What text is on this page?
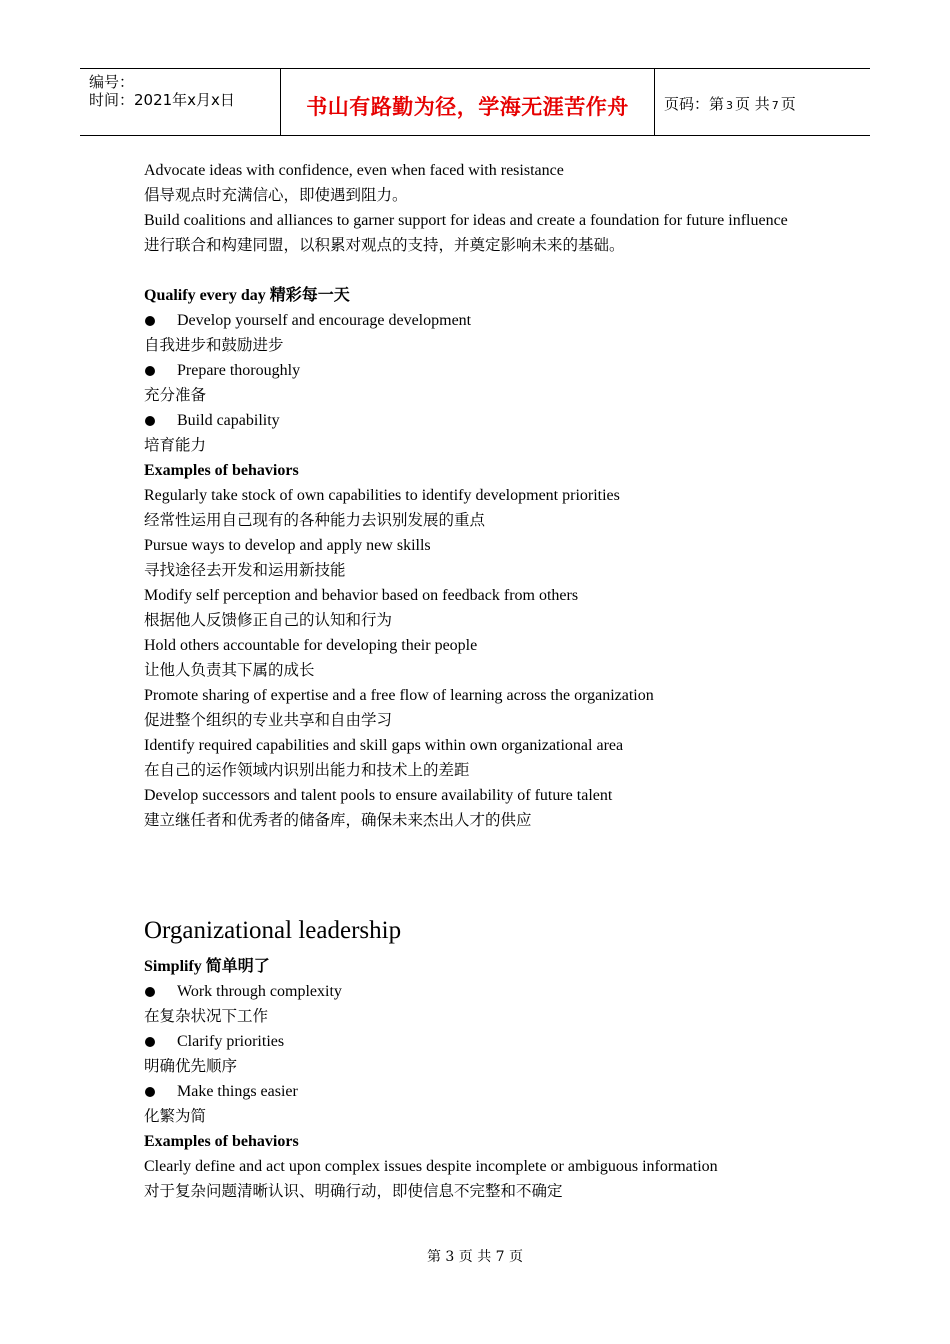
编号：
时间：2021年x月x日	书山有路勤为径，学海无涯苦作舟	页码：第 3 页 共 7 页
Advocate ideas with confidence, even when faced with resistance
倡导观点时充满信心，即使遇到阻力。
Build coalitions and alliances to garner support for ideas and create a foundation for future influence
进行联合和构建同盟，以积累对观点的支持，并奠定影响未来的基础。
Qualify every day 精彩每一天
Develop yourself and encourage development
自我进步和鼓励进步
Prepare thoroughly
充分准备
Build capability
培育能力
Examples of behaviors
Regularly take stock of own capabilities to identify development priorities
经常性运用自己现有的各种能力去识别发展的重点
Pursue ways to develop and apply new skills
寻找途径去开发和运用新技能
Modify self perception and behavior based on feedback from others
根据他人反馈修正自己的认知和行为
Hold others accountable for developing their people
让他人负责其下属的成长
Promote sharing of expertise and a free flow of learning across the organization
促进整个组织的专业共享和自由学习
Identify required capabilities and skill gaps within own organizational area
在自己的运作领域内识别出能力和技术上的差距
Develop successors and talent pools to ensure availability of future talent
建立继任者和优秀者的储备库，确保未来杰出人才的供应
Organizational leadership
Simplify 简单明了
Work through complexity
在复杂状况下工作
Clarify priorities
明确优先顺序
Make things easier
化繁为简
Examples of behaviors
Clearly define and act upon complex issues despite incomplete or ambiguous information
对于复杂问题清晰认识、明确行动，即使信息不完整和不确定
第 3 页 共 7 页
